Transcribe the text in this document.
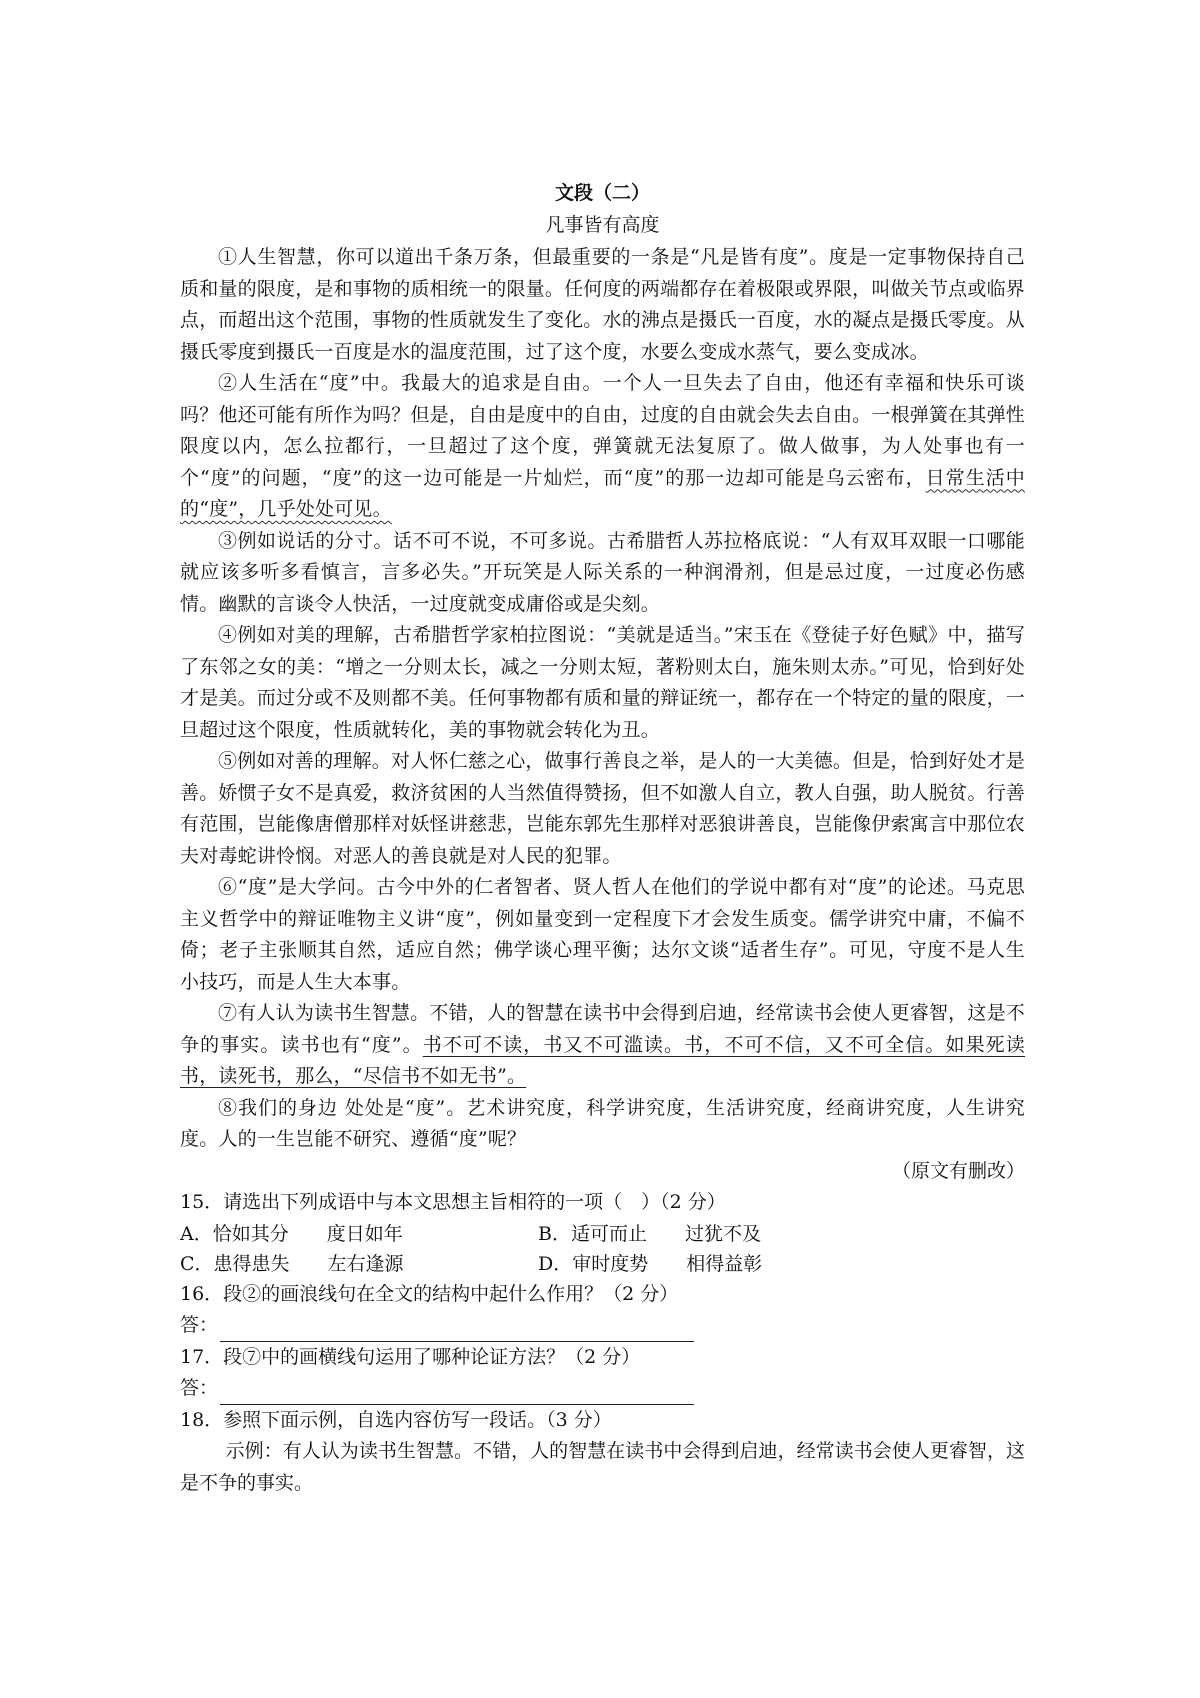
文段（二）

凡事皆有高度

①人生智慧，你可以道出千条万条，但最重要的一条是“凡是皆有度”。度是一定事物保持自己质和量的限度，是和事物的质相统一的限量。任何度的两端都存在着极限或界限，叫做关节点或临界点，而超出这个范围，事物的性质就发生了变化。水的沸点是摄氏一百度，水的凝点是摄氏零度。从摄氏零度到摄氏一百度是水的温度范围，过了这个度，水要么变成水蒸气，要么变成冰。

②人生活在“度”中。我最大的追求是自由。一个人一旦失去了自由，他还有幸福和快乐可谈吗？他还可能有所作为吗？但是，自由是度中的自由，过度的自由就会失去自由。一根弹簧在其弹性限度以内，怎么拉都行，一旦超过了这个度，弹簧就无法复原了。做人做事，为人处事也有一个“度”的问题，“度”的这一边可能是一片灿烂，而“度”的那一边却可能是乌云密布，日常生活中的“度”，几乎处处可见。

③例如说话的分寸。话不可不说，不可多说。古希腊哲人苏拉格底说：“人有双耳双眼一口哪能就应该多听多看慎言，言多必失。”开玩笑是人际关系的一种润滑剂，但是忌过度，一过度必伤感情。幽默的言谈令人快活，一过度就变成庸俗或是尖刻。

④例如对美的理解，古希腊哲学家柏拉图说：“美就是适当。”宋玉在《登徒子好色赋》中，描写了东邻之女的美：“增之一分则太长，减之一分则太短，著粉则太白，施朱则太赤。”可见，恰到好处才是美。而过分或不及则都不美。任何事物都有质和量的辩证统一，都存在一个特定的量的限度，一旦超过这个限度，性质就转化，美的事物就会转化为丑。

⑤例如对善的理解。对人怀仁慈之心，做事行善良之举，是人的一大美德。但是，恰到好处才是善。娇惯子女不是真爱，救济贫困的人当然值得赞扬，但不如激人自立，教人自强，助人脱贫。行善有范围，岂能像唐僧那样对妖怪讲慈悲，岂能东郭先生那样对恶狼讲善良，岂能像伊索寓言中那位农夫对毒蛇讲怜悯。对恶人的善良就是对人民的犯罪。

⑥“度”是大学问。古今中外的仁者智者、贤人哲人在他们的学说中都有对“度”的论述。马克思主义哲学中的辩证唯物主义讲“度”，例如量变到一定程度下才会发生质变。儒学讲究中庸，不偏不倚；老子主张顺其自然，适应自然；佛学谈心理平衡；达尔文谈“适者生存”。可见，守度不是人生小技巧，而是人生大本事。

⑦有人认为读书生智慧。不错，人的智慧在读书中会得到启迪，经常读书会使人更睿智，这是不争的事实。读书也有“度”。书不可不读，书又不可滥读。书，不可不信，又不可全信。如果死读书，读死书，那么，“尽信书不如无书”。

⑧我们的身边 处处是“度”。艺术讲究度，科学讲究度，生活讲究度，经商讲究度，人生讲究度。人的一生岂能不研究、遵循“度”呢？

（原文有删改）

15．请选出下列成语中与本文思想主旨相符的一项（　）（2 分）

A．恰如其分　　度日如年	B．适可而止　　过犹不及
C．患得患失　　左右逢源	D．审时度势　　相得益彰

16．段②的画浪线句在全文的结构中起什么作用？（2 分）

答：

17．段⑦中的画横线句运用了哪种论证方法？（2 分）

答：

18．参照下面示例，自选内容仿写一段话。（3 分）

示例：有人认为读书生智慧。不错，人的智慧在读书中会得到启迪，经常读书会使人更睿智，这是不争的事实。
